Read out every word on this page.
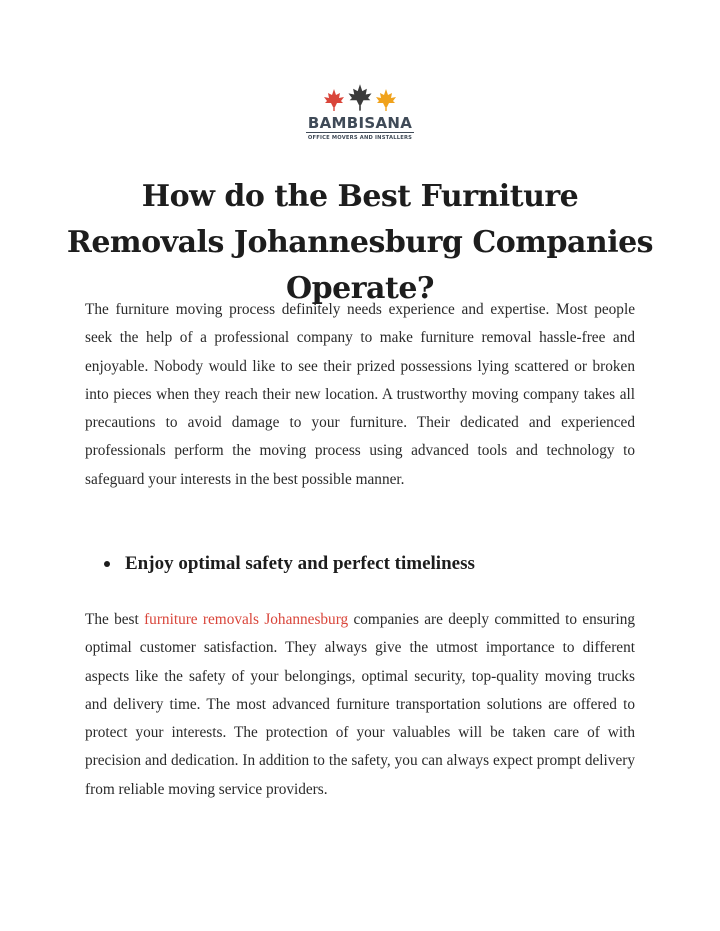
BAMBISANA
OFFICE MOVERS AND INSTALLERS
How do the Best Furniture Removals Johannesburg Companies Operate?

The furniture moving process definitely needs experience and expertise. Most people seek the help of a professional company to make furniture removal hassle-free and enjoyable. Nobody would like to see their prized possessions lying scattered or broken into pieces when they reach their new location. A trustworthy moving company takes all precautions to avoid damage to your furniture. Their dedicated and experienced professionals perform the moving process using advanced tools and technology to safeguard your interests in the best possible manner.

Enjoy optimal safety and perfect timeliness

The best furniture removals Johannesburg companies are deeply committed to ensuring optimal customer satisfaction. They always give the utmost importance to different aspects like the safety of your belongings, optimal security, top-quality moving trucks and delivery time. The most advanced furniture transportation solutions are offered to protect your interests. The protection of your valuables will be taken care of with precision and dedication. In addition to the safety, you can always expect prompt delivery from reliable moving service providers.
